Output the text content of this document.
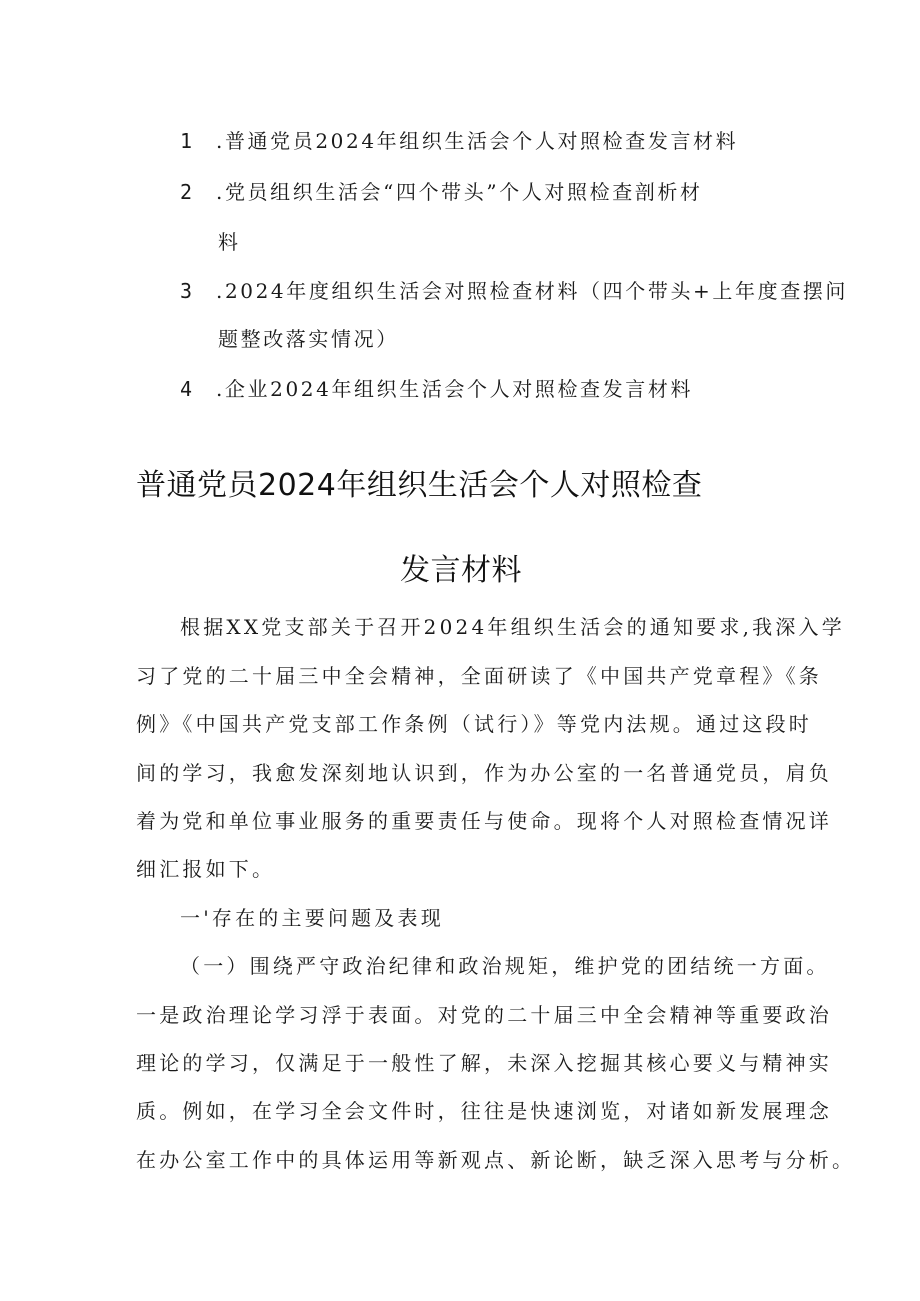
1 .普通党员2024年组织生活会个人对照检查发言材料
2 .党员组织生活会“四个带头”个人对照检查剖析材
料
3 .2024年度组织生活会对照检查材料（四个带头+上年度查摆问
题整改落实情况）
4 .企业2024年组织生活会个人对照检查发言材料
普通党员2024年组织生活会个人对照检查
发言材料
根据XX党支部关于召开2024年组织生活会的通知要求,我深入学
习了党的二十届三中全会精神，全面研读了《中国共产党章程》《条
例》《中国共产党支部工作条例（试行）》等党内法规。通过这段时
间的学习，我愈发深刻地认识到，作为办公室的一名普通党员，肩负
着为党和单位事业服务的重要责任与使命。现将个人对照检查情况详
细汇报如下。
一'存在的主要问题及表现
（一）围绕严守政治纪律和政治规矩，维护党的团结统一方面。
一是政治理论学习浮于表面。对党的二十届三中全会精神等重要政治
理论的学习，仅满足于一般性了解，未深入挖掘其核心要义与精神实
质。例如，在学习全会文件时，往往是快速浏览，对诸如新发展理念
在办公室工作中的具体运用等新观点、新论断，缺乏深入思考与分析。
